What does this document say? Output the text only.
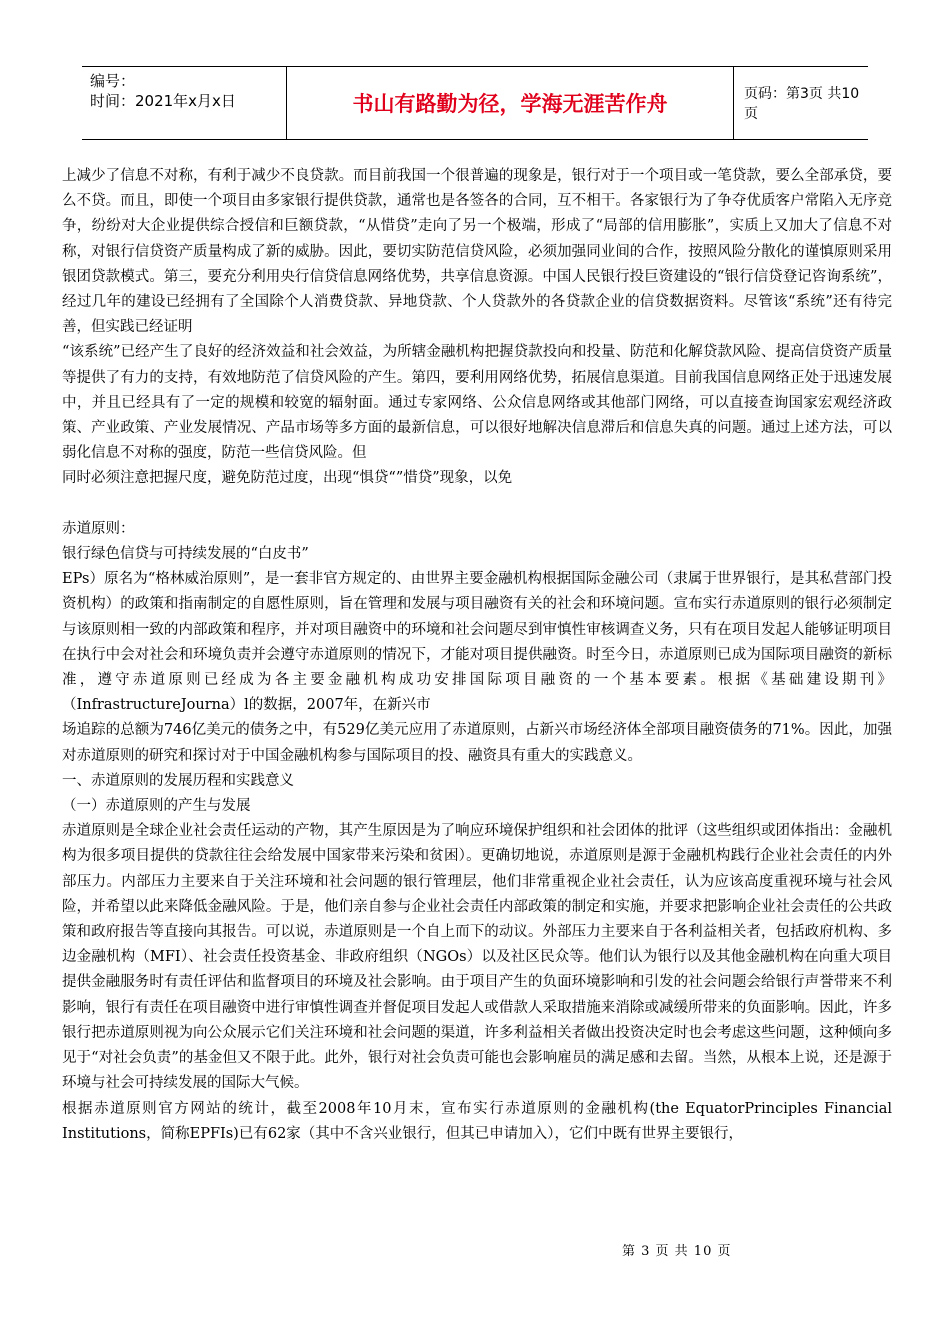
编号：
时间：2021年x月x日	书山有路勤为径，学海无涯苦作舟	页码：第3页 共10页

上减少了信息不对称，有利于减少不良贷款。而目前我国一个很普遍的现象是，银行对于一个项目或一笔贷款，要么全部承贷，要么不贷。而且，即使一个项目由多家银行提供贷款，通常也是各签各的合同，互不相干。各家银行为了争夺优质客户常陷入无序竞争，纷纷对大企业提供综合授信和巨额贷款，“从惜贷”走向了另一个极端，形成了“局部的信用膨胀”，实质上又加大了信息不对称，对银行信贷资产质量构成了新的威胁。因此，要切实防范信贷风险，必须加强同业间的合作，按照风险分散化的谨慎原则采用银团贷款模式。第三，要充分利用央行信贷信息网络优势，共享信息资源。中国人民银行投巨资建设的“银行信贷登记咨询系统”，经过几年的建设已经拥有了全国除个人消费贷款、异地贷款、个人贷款外的各贷款企业的信贷数据资料。尽管该“系统”还有待完善，但实践已经证明

“该系统”已经产生了良好的经济效益和社会效益，为所辖金融机构把握贷款投向和投量、防范和化解贷款风险、提高信贷资产质量等提供了有力的支持，有效地防范了信贷风险的产生。第四，要利用网络优势，拓展信息渠道。目前我国信息网络正处于迅速发展中，并且已经具有了一定的规模和较宽的辐射面。通过专家网络、公众信息网络或其他部门网络，可以直接查询国家宏观经济政策、产业政策、产业发展情况、产品市场等多方面的最新信息，可以很好地解决信息滞后和信息失真的问题。通过上述方法，可以弱化信息不对称的强度，防范一些信贷风险。但

同时必须注意把握尺度，避免防范过度，出现“惧贷“”惜贷”现象，以免

赤道原则：

银行绿色信贷与可持续发展的“白皮书”

EPs）原名为“格林威治原则”，是一套非官方规定的、由世界主要金融机构根据国际金融公司（隶属于世界银行，是其私营部门投资机构）的政策和指南制定的自愿性原则，旨在管理和发展与项目融资有关的社会和环境问题。宣布实行赤道原则的银行必须制定与该原则相一致的内部政策和程序，并对项目融资中的环境和社会问题尽到审慎性审核调查义务，只有在项目发起人能够证明项目在执行中会对社会和环境负责并会遵守赤道原则的情况下，才能对项目提供融资。时至今日，赤道原则已成为国际项目融资的新标准，遵守赤道原则已经成为各主要金融机构成功安排国际项目融资的一个基本要素。根据《基础建设期刊》（InfrastructureJourna）l的数据，2007年，在新兴市

场追踪的总额为746亿美元的债务之中，有529亿美元应用了赤道原则，占新兴市场经济体全部项目融资债务的71%。因此，加强对赤道原则的研究和探讨对于中国金融机构参与国际项目的投、融资具有重大的实践意义。

一、赤道原则的发展历程和实践意义

（一）赤道原则的产生与发展

赤道原则是全球企业社会责任运动的产物，其产生原因是为了响应环境保护组织和社会团体的批评（这些组织或团体指出：金融机构为很多项目提供的贷款往往会给发展中国家带来污染和贫困）。更确切地说，赤道原则是源于金融机构践行企业社会责任的内外部压力。内部压力主要来自于关注环境和社会问题的银行管理层，他们非常重视企业社会责任，认为应该高度重视环境与社会风险，并希望以此来降低金融风险。于是，他们亲自参与企业社会责任内部政策的制定和实施，并要求把影响企业社会责任的公共政策和政府报告等直接向其报告。可以说，赤道原则是一个自上而下的动议。外部压力主要来自于各利益相关者，包括政府机构、多边金融机构（MFI）、社会责任投资基金、非政府组织（NGOs）以及社区民众等。他们认为银行以及其他金融机构在向重大项目提供金融服务时有责任评估和监督项目的环境及社会影响。由于项目产生的负面环境影响和引发的社会问题会给银行声誉带来不利影响，银行有责任在项目融资中进行审慎性调查并督促项目发起人或借款人采取措施来消除或减缓所带来的负面影响。因此，许多银行把赤道原则视为向公众展示它们关注环境和社会问题的渠道，许多利益相关者做出投资决定时也会考虑这些问题，这种倾向多见于“对社会负责”的基金但又不限于此。此外，银行对社会负责可能也会影响雇员的满足感和去留。当然，从根本上说，还是源于环境与社会可持续发展的国际大气候。

根据赤道原则官方网站的统计，截至2008年10月末，宣布实行赤道原则的金融机构(the EquatorPrinciples Financial Institutions，简称EPFIs)已有62家（其中不含兴业银行，但其已申请加入），它们中既有世界主要银行，

第 3 页 共 10 页
